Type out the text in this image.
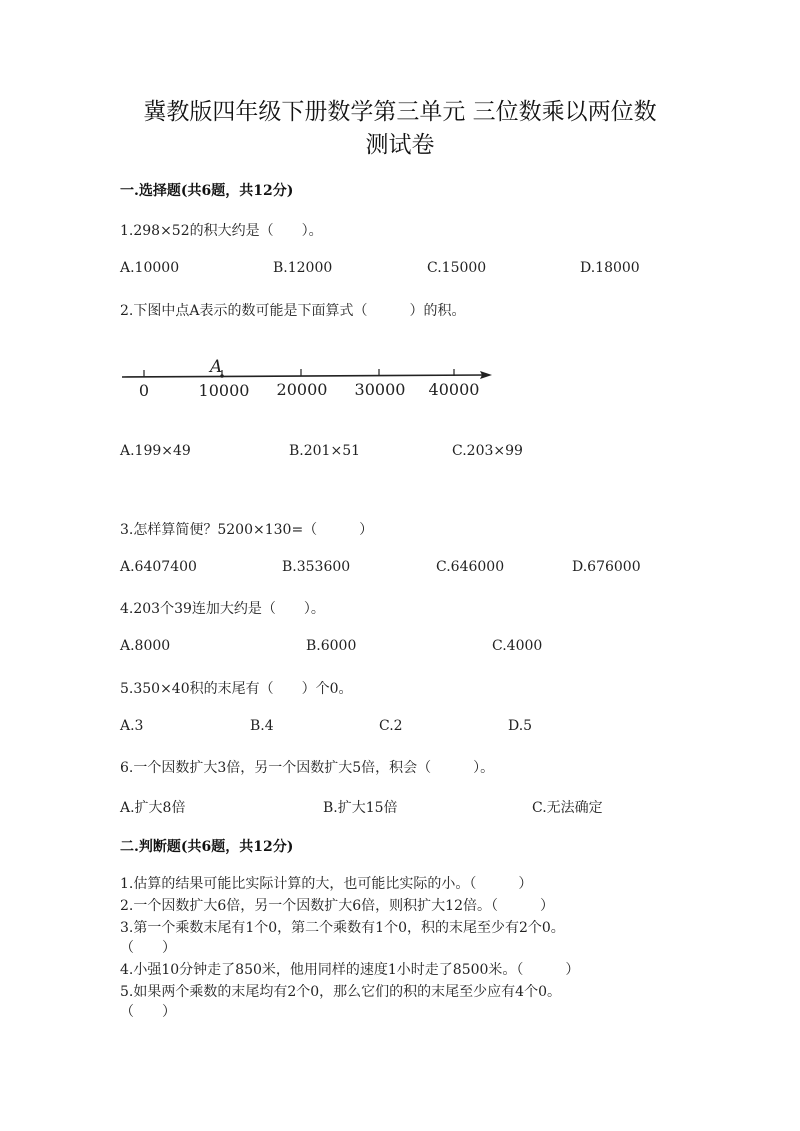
冀教版四年级下册数学第三单元 三位数乘以两位数
测试卷
一.选择题(共6题，共12分)
1.298×52的积大约是（　　）。
A.10000	B.12000	C.15000	D.18000
2.下图中点A表示的数可能是下面算式（　　　）的积。
A
0	10000 20000 30000 40000
A.199×49	B.201×51	C.203×99
3.怎样算简便？5200×130=（　　　）
A.6407400	B.353600	C.646000	D.676000
4.203个39连加大约是（　　）。
A.8000	B.6000	C.4000
5.350×40积的末尾有（　　）个0。
A.3	B.4	C.2	D.5
6.一个因数扩大3倍，另一个因数扩大5倍，积会（　　　）。
A.扩大8倍	B.扩大15倍	C.无法确定
二.判断题(共6题，共12分)
1.估算的结果可能比实际计算的大，也可能比实际的小。（　　　）
2.一个因数扩大6倍，另一个因数扩大6倍，则积扩大12倍。（　　　）
3.第一个乘数末尾有1个0，第二个乘数有1个0，积的末尾至少有2个0。
（　　）
4.小强10分钟走了850米，他用同样的速度1小时走了8500米。（　　　）
5.如果两个乘数的末尾均有2个0，那么它们的积的末尾至少应有4个0。
（　　）
